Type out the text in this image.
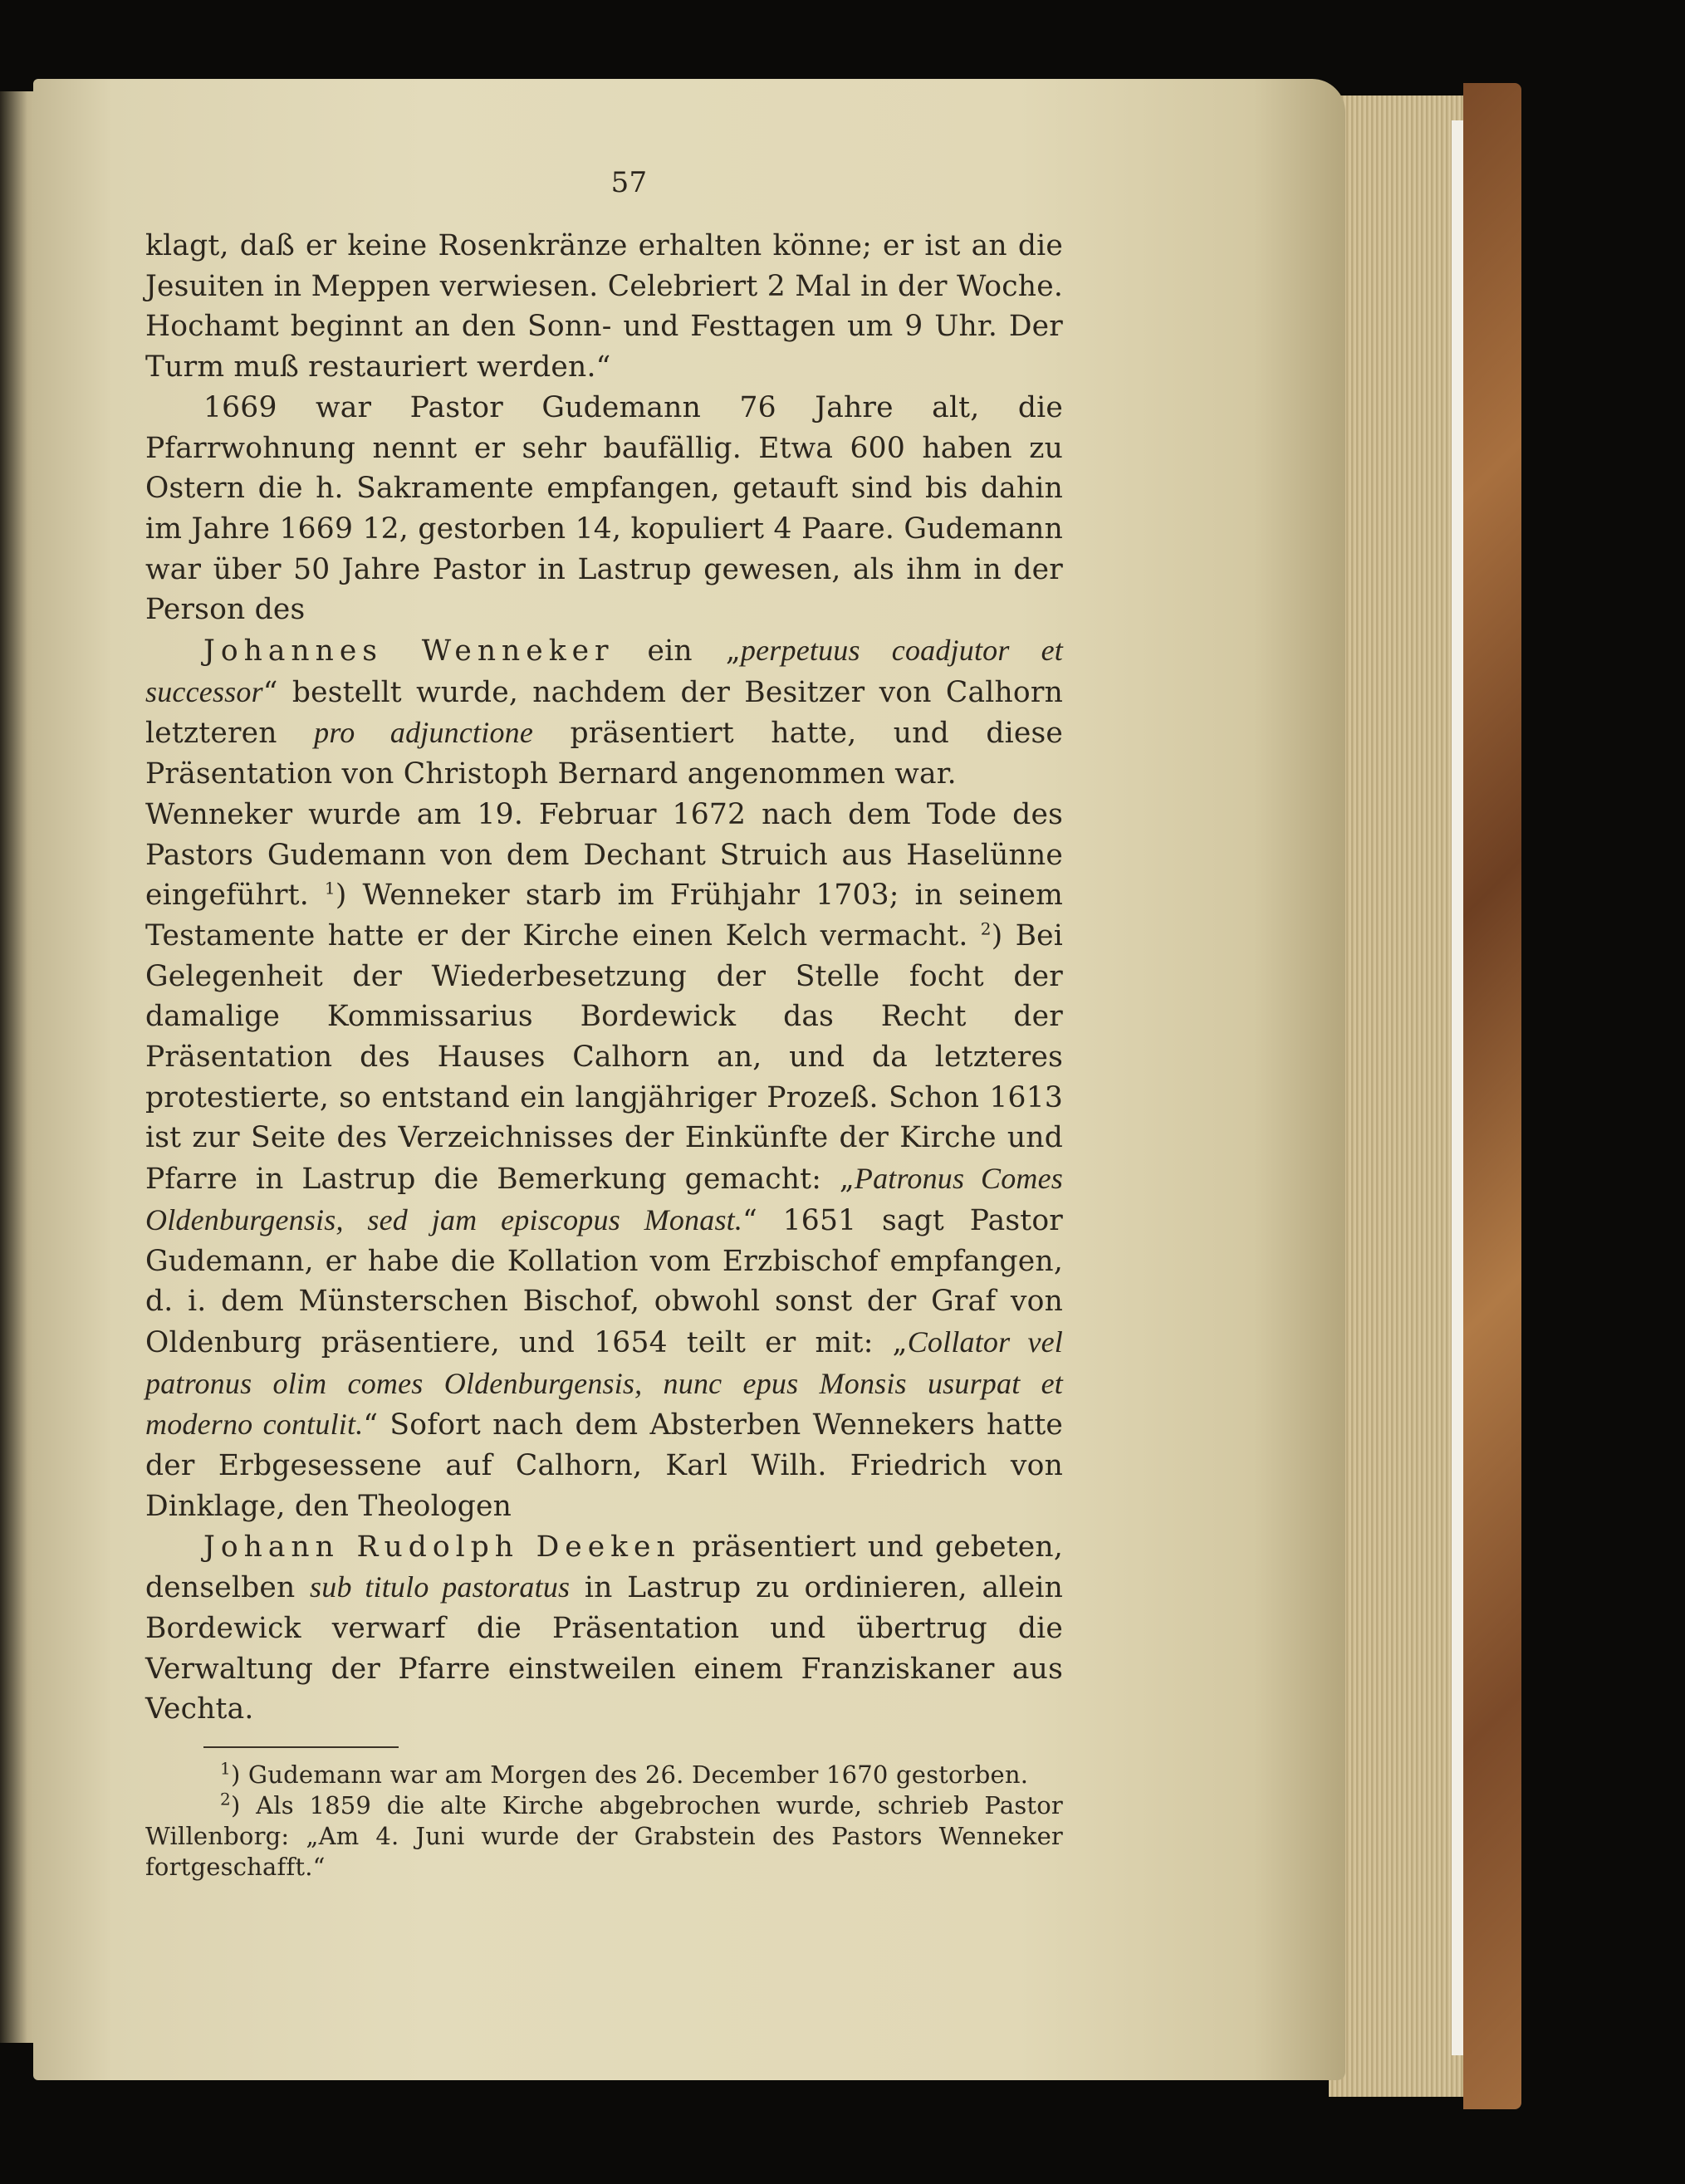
57

klagt, daß er keine Rosenkränze erhalten könne; er ist an die Jesuiten in Meppen verwiesen. Celebriert 2 Mal in der Woche. Hochamt beginnt an den Sonn- und Festtagen um 9 Uhr. Der Turm muß restauriert werden.“

1669 war Pastor Gudemann 76 Jahre alt, die Pfarrwohnung nennt er sehr baufällig. Etwa 600 haben zu Ostern die h. Sakramente empfangen, getauft sind bis dahin im Jahre 1669 12, gestorben 14, kopuliert 4 Paare. Gudemann war über 50 Jahre Pastor in Lastrup gewesen, als ihm in der Person des

Johannes Wenneker ein „perpetuus coadjutor et successor“ bestellt wurde, nachdem der Besitzer von Calhorn letzteren pro adjunctione präsentiert hatte, und diese Präsentation von Christoph Bernard angenommen war.

Wenneker wurde am 19. Februar 1672 nach dem Tode des Pastors Gudemann von dem Dechant Struich aus Haselünne eingeführt. $^1$) Wenneker starb im Frühjahr 1703; in seinem Testamente hatte er der Kirche einen Kelch vermacht. $^2$) Bei Gelegenheit der Wiederbesetzung der Stelle focht der damalige Kommissarius Bordewick das Recht der Präsentation des Hauses Calhorn an, und da letzteres protestierte, so entstand ein langjähriger Prozeß. Schon 1613 ist zur Seite des Verzeichnisses der Einkünfte der Kirche und Pfarre in Lastrup die Bemerkung gemacht: „Patronus Comes Oldenburgensis, sed jam episcopus Monast.“ 1651 sagt Pastor Gudemann, er habe die Kollation vom Erzbischof empfangen, d. i. dem Münsterschen Bischof, obwohl sonst der Graf von Oldenburg präsentiere, und 1654 teilt er mit: „Collator vel patronus olim comes Oldenburgensis, nunc epus Monsis usurpat et moderno contulit.“ Sofort nach dem Absterben Wennekers hatte der Erbgesessene auf Calhorn, Karl Wilh. Friedrich von Dinklage, den Theologen

Johann Rudolph Deeken präsentiert und gebeten, denselben sub titulo pastoratus in Lastrup zu ordinieren, allein Bordewick verwarf die Präsentation und übertrug die Verwaltung der Pfarre einstweilen einem Franziskaner aus Vechta.

$^1$) Gudemann war am Morgen des 26. December 1670 gestorben.

$^2$) Als 1859 die alte Kirche abgebrochen wurde, schrieb Pastor Willenborg: „Am 4. Juni wurde der Grabstein des Pastors Wenneker fortgeschafft.“
